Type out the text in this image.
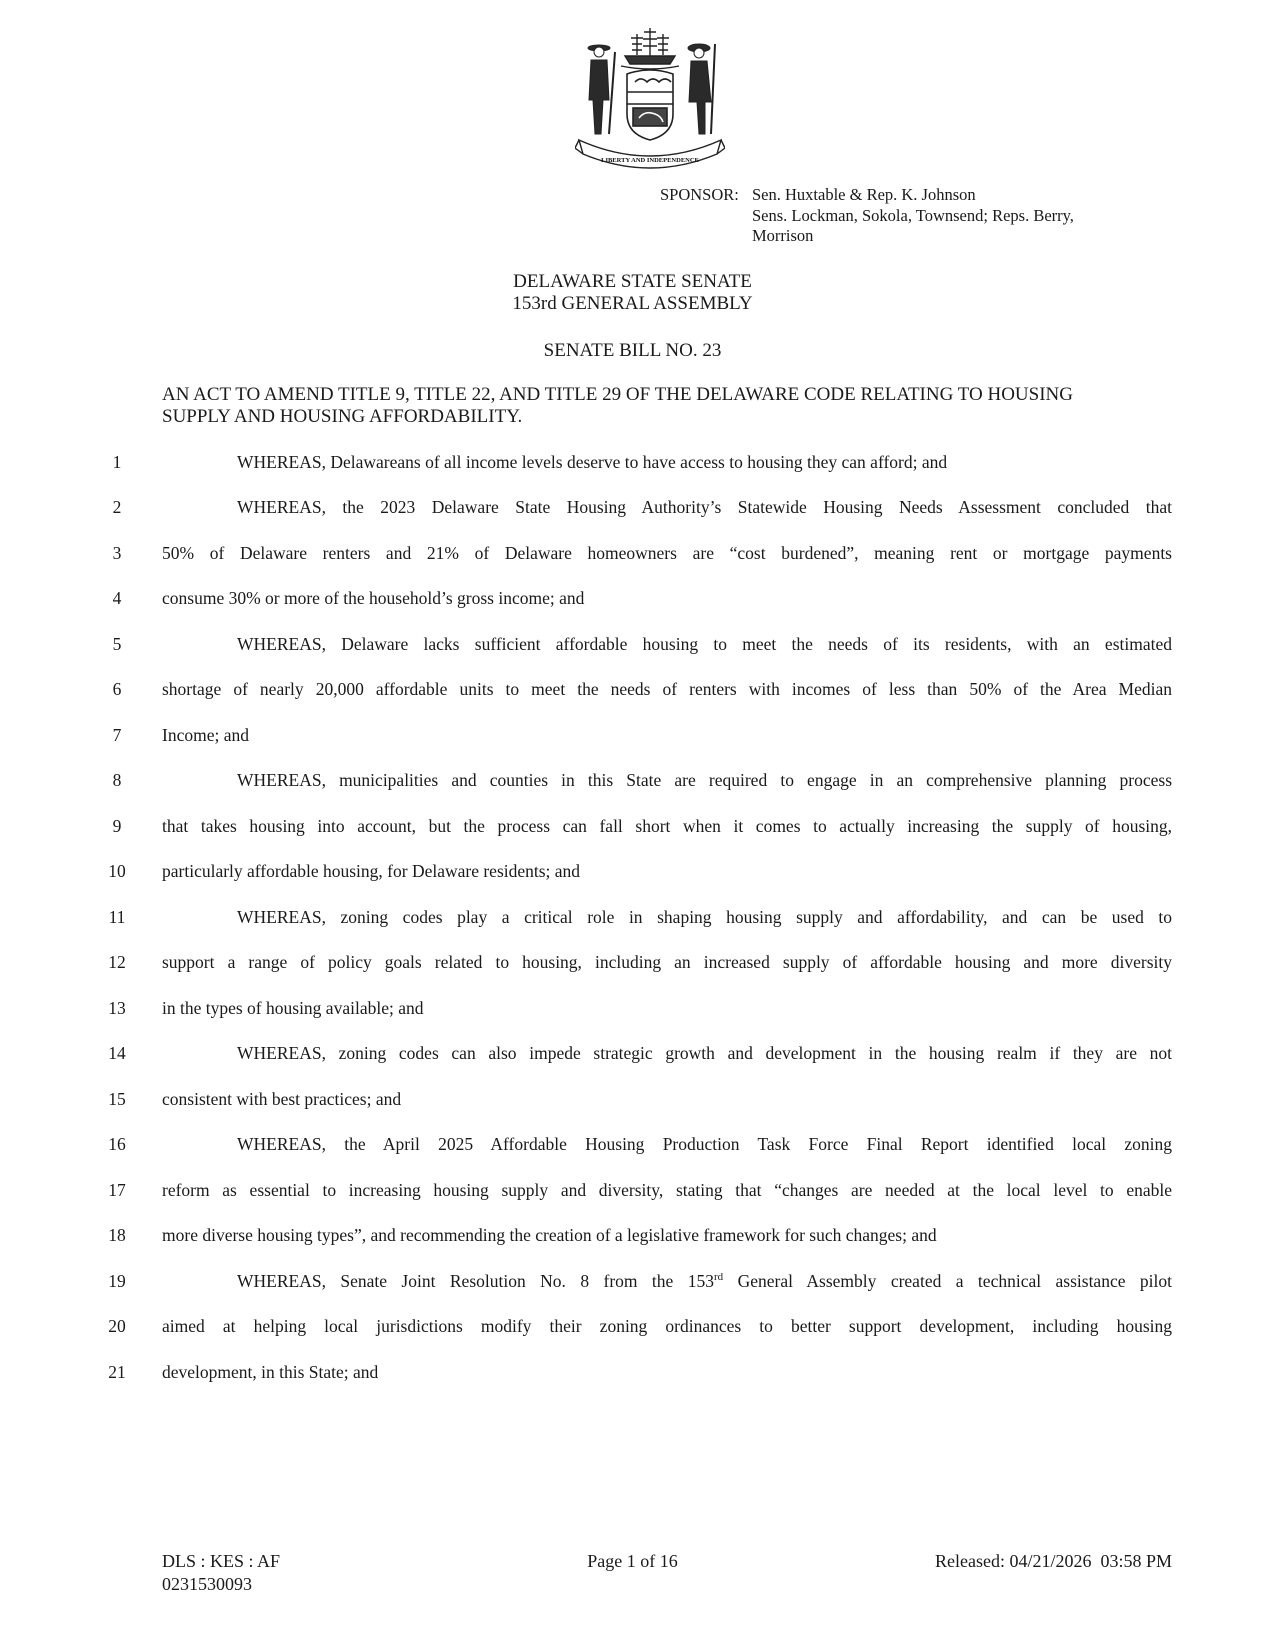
LIBERTY AND INDEPENDENCE
SPONSOR: Sen. Huxtable & Rep. K. Johnson
Sens. Lockman, Sokola, Townsend; Reps. Berry,
Morrison
DELAWARE STATE SENATE
153rd GENERAL ASSEMBLY
SENATE BILL NO. 23
AN ACT TO AMEND TITLE 9, TITLE 22, AND TITLE 29 OF THE DELAWARE CODE RELATING TO HOUSING
SUPPLY AND HOUSING AFFORDABILITY.
1	WHEREAS, Delawareans of all income levels deserve to have access to housing they can afford; and
2	WHEREAS, the 2023 Delaware State Housing Authority’s Statewide Housing Needs Assessment concluded that
3	50% of Delaware renters and 21% of Delaware homeowners are “cost burdened”, meaning rent or mortgage payments
4	consume 30% or more of the household’s gross income; and
5	WHEREAS, Delaware lacks sufficient affordable housing to meet the needs of its residents, with an estimated
6	shortage of nearly 20,000 affordable units to meet the needs of renters with incomes of less than 50% of the Area Median
7	Income; and
8	WHEREAS, municipalities and counties in this State are required to engage in an comprehensive planning process
9	that takes housing into account, but the process can fall short when it comes to actually increasing the supply of housing,
10	particularly affordable housing, for Delaware residents; and
11	WHEREAS, zoning codes play a critical role in shaping housing supply and affordability, and can be used to
12	support a range of policy goals related to housing, including an increased supply of affordable housing and more diversity
13	in the types of housing available; and
14	WHEREAS, zoning codes can also impede strategic growth and development in the housing realm if they are not
15	consistent with best practices; and
16	WHEREAS, the April 2025 Affordable Housing Production Task Force Final Report identified local zoning
17	reform as essential to increasing housing supply and diversity, stating that “changes are needed at the local level to enable
18	more diverse housing types”, and recommending the creation of a legislative framework for such changes; and
19	WHEREAS, Senate Joint Resolution No. 8 from the 153rd General Assembly created a technical assistance pilot
20	aimed at helping local jurisdictions modify their zoning ordinances to better support development, including housing
21	development, in this State; and
DLS : KES : AF
0231530093
Page 1 of 16	Released: 04/21/2026  03:58 PM
